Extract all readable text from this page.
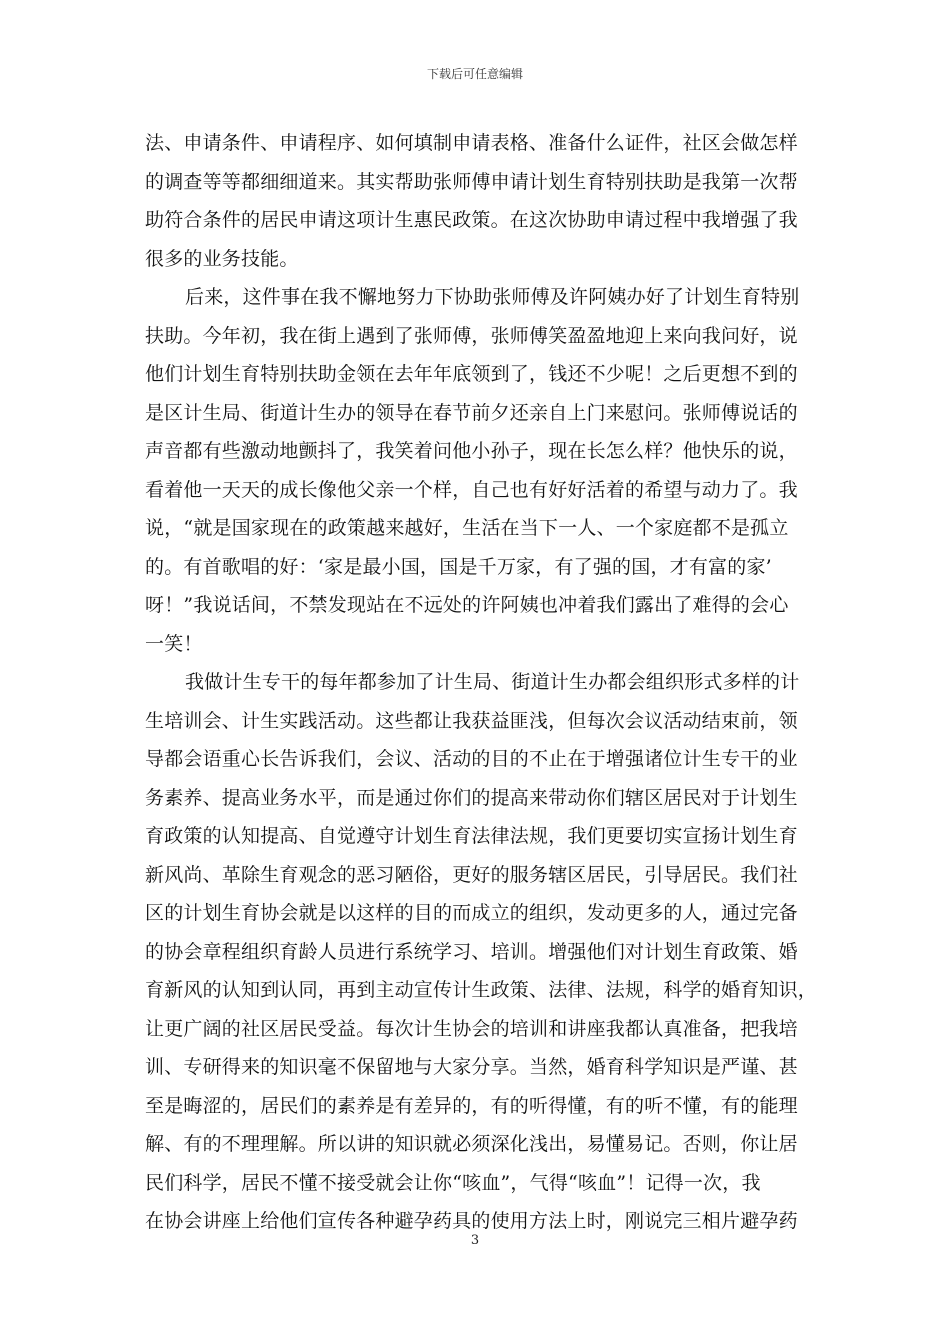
下载后可任意编辑
法、申请条件、申请程序、如何填制申请表格、准备什么证件，社区会做怎样
的调查等等都细细道来。其实帮助张师傅申请计划生育特别扶助是我第一次帮
助符合条件的居民申请这项计生惠民政策。在这次协助申请过程中我增强了我
很多的业务技能。
后来，这件事在我不懈地努力下协助张师傅及许阿姨办好了计划生育特别
扶助。今年初，我在街上遇到了张师傅，张师傅笑盈盈地迎上来向我问好，说
他们计划生育特别扶助金领在去年年底领到了，钱还不少呢！之后更想不到的
是区计生局、街道计生办的领导在春节前夕还亲自上门来慰问。张师傅说话的
声音都有些激动地颤抖了，我笑着问他小孙子，现在长怎么样？他快乐的说，
看着他一天天的成长像他父亲一个样，自己也有好好活着的希望与动力了。我
说，“就是国家现在的政策越来越好，生活在当下一人、一个家庭都不是孤立
的。有首歌唱的好：‘家是最小国，国是千万家，有了强的国，才有富的家’
呀！”我说话间，不禁发现站在不远处的许阿姨也冲着我们露出了难得的会心
一笑！
我做计生专干的每年都参加了计生局、街道计生办都会组织形式多样的计
生培训会、计生实践活动。这些都让我获益匪浅，但每次会议活动结束前，领
导都会语重心长告诉我们，会议、活动的目的不止在于增强诸位计生专干的业
务素养、提高业务水平，而是通过你们的提高来带动你们辖区居民对于计划生
育政策的认知提高、自觉遵守计划生育法律法规，我们更要切实宣扬计划生育
新风尚、革除生育观念的恶习陋俗，更好的服务辖区居民，引导居民。我们社
区的计划生育协会就是以这样的目的而成立的组织，发动更多的人，通过完备
的协会章程组织育龄人员进行系统学习、培训。增强他们对计划生育政策、婚
育新风的认知到认同，再到主动宣传计生政策、法律、法规，科学的婚育知识，
让更广阔的社区居民受益。每次计生协会的培训和讲座我都认真准备，把我培
训、专研得来的知识毫不保留地与大家分享。当然，婚育科学知识是严谨、甚
至是晦涩的，居民们的素养是有差异的，有的听得懂，有的听不懂，有的能理
解、有的不理理解。所以讲的知识就必须深化浅出，易懂易记。否则，你让居
民们科学，居民不懂不接受就会让你“咳血”，气得“咳血”！记得一次，我
在协会讲座上给他们宣传各种避孕药具的使用方法上时，刚说完三相片避孕药
3
